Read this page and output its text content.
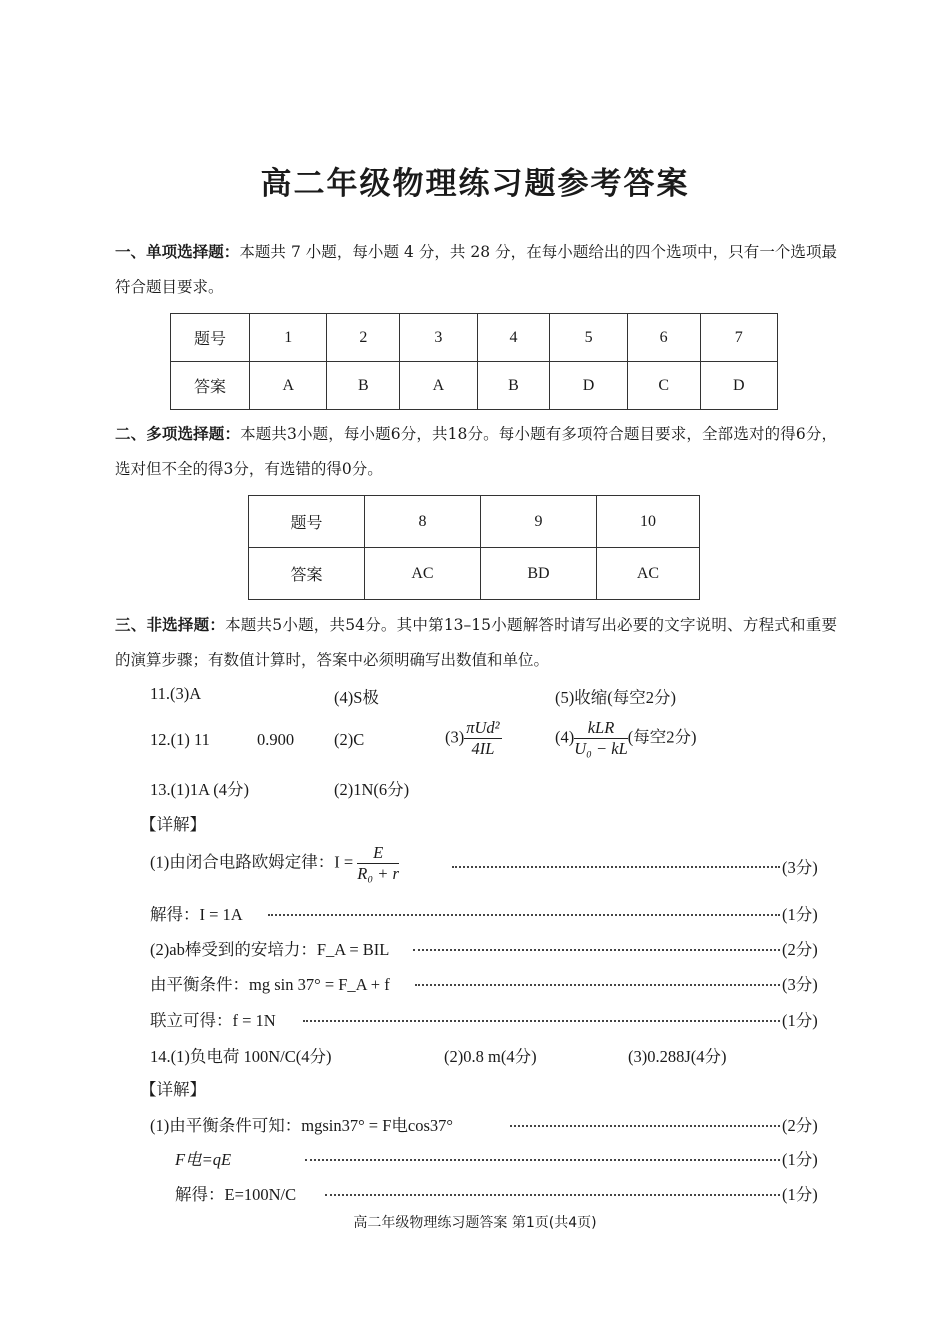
高二年级物理练习题参考答案
一、单项选择题：本题共 7 小题，每小题 4 分，共 28 分，在每小题给出的四个选项中，只有一个选项最符合题目要求。
题号	1	2	3	4	5	6	7
答案	A	B	A	B	D	C	D
二、多项选择题：本题共3小题，每小题6分，共18分。每小题有多项符合题目要求，全部选对的得6分，选对但不全的得3分，有选错的得0分。
题号	8	9	10
答案	AC	BD	AC
三、非选择题：本题共5小题，共54分。其中第13–15小题解答时请写出必要的文字说明、方程式和重要的演算步骤；有数值计算时，答案中必须明确写出数值和单位。
11.(3)A	(4)S极	(5)收缩(每空2分)
12.(1) 11	0.900 (2)C	$(3) \frac{\text{πUd²}}{4IL}$	$(4) \frac{\text{kLR}}{\text{U₀ − kL}}$ (每空2分)
13.(1)1A (4分)	(2)1N(6分)
【详解】
(1)由闭合电路欧姆定律：$I = \frac{E}{\text{R₀ + r}}$	(3分)
解得：I = 1A	(1分)
(2)ab棒受到的安培力：F_A = BIL	(2分)
由平衡条件：mg sin 37° = F_A + f	(3分)
联立可得：f = 1N	(1分)
14.(1)负电荷 100N/C(4分)	(2)0.8 m(4分)	(3)0.288J(4分)
【详解】
(1)由平衡条件可知：mgsin37° = F电cos37°	(2分)
F电=qE	(1分)
解得：E=100N/C	(1分)
高二年级物理练习题答案 第1页(共4页)
